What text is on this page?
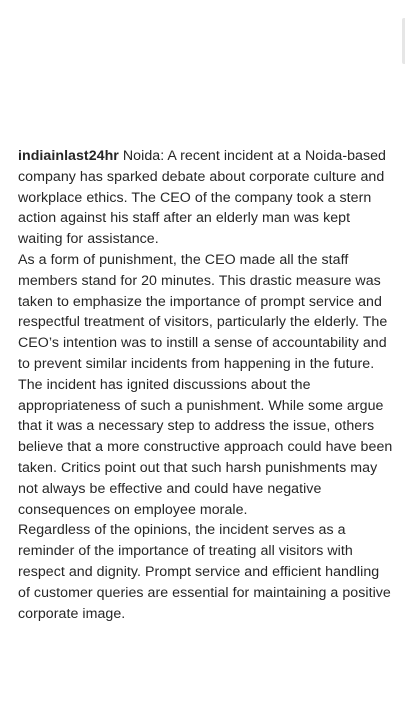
indiainlast24hr Noida: A recent incident at a Noida-based company has sparked debate about corporate culture and workplace ethics. The CEO of the company took a stern action against his staff after an elderly man was kept waiting for assistance.

As a form of punishment, the CEO made all the staff members stand for 20 minutes. This drastic measure was taken to emphasize the importance of prompt service and respectful treatment of visitors, particularly the elderly. The CEO’s intention was to instill a sense of accountability and to prevent similar incidents from happening in the future.

The incident has ignited discussions about the appropriateness of such a punishment. While some argue that it was a necessary step to address the issue, others believe that a more constructive approach could have been taken. Critics point out that such harsh punishments may not always be effective and could have negative consequences on employee morale.

Regardless of the opinions, the incident serves as a reminder of the importance of treating all visitors with respect and dignity. Prompt service and efficient handling of customer queries are essential for maintaining a positive corporate image.
